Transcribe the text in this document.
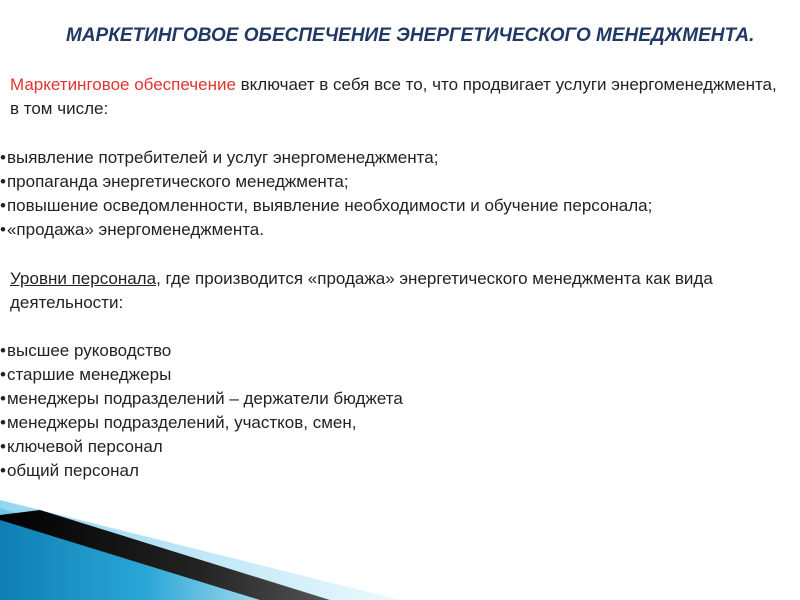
МАРКЕТИНГОВОЕ ОБЕСПЕЧЕНИЕ ЭНЕРГЕТИЧЕСКОГО МЕНЕДЖМЕНТА.
Маркетинговое обеспечение включает в себя все то, что продвигает услуги энергоменеджмента, в том числе:
• выявление потребителей и услуг энергоменеджмента;
• пропаганда энергетического менеджмента;
• повышение осведомленности, выявление необходимости и обучение персонала;
• «продажа» энергоменеджмента.
Уровни персонала, где производится «продажа» энергетического менеджмента как вида деятельности:
• высшее руководство
• старшие менеджеры
• менеджеры подразделений – держатели бюджета
• менеджеры подразделений, участков, смен,
• ключевой персонал
• общий персонал
